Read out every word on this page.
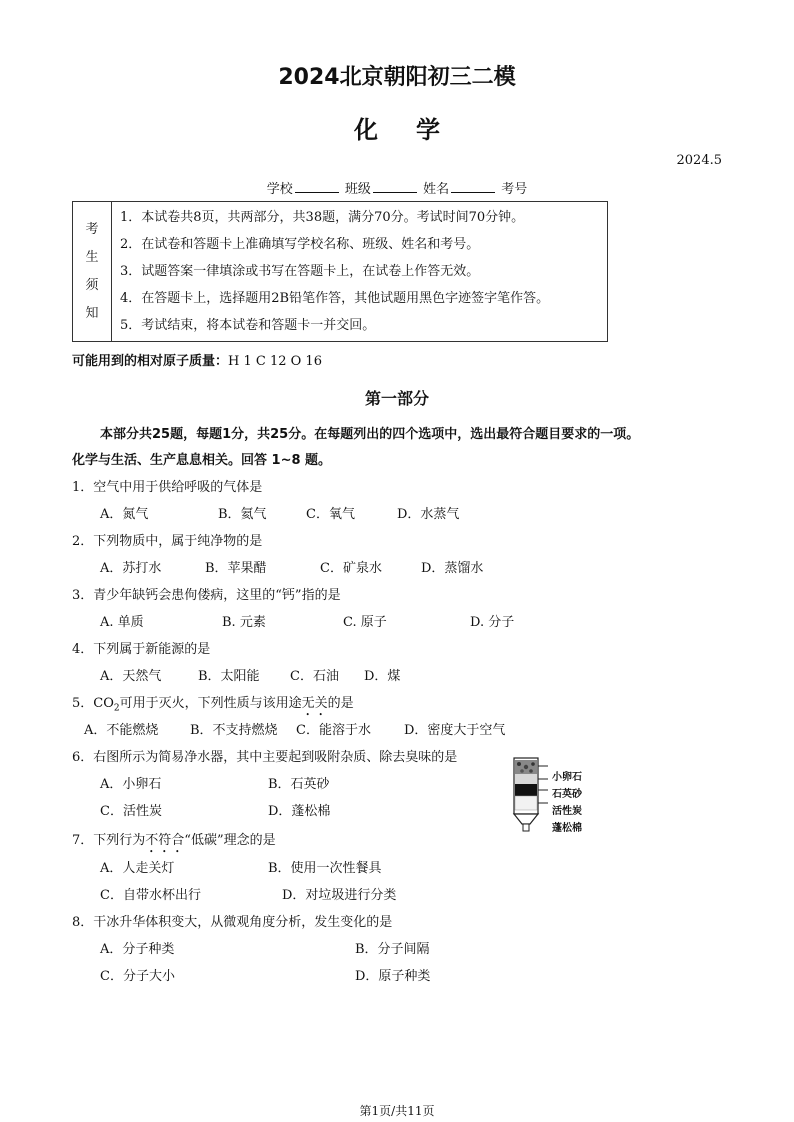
2024北京朝阳初三二模
化学
2024.5
学校	班级	姓名	考号
考
生
须
知

1．本试卷共8页，共两部分，共38题，满分70分。考试时间70分钟。
2．在试卷和答题卡上准确填写学校名称、班级、姓名和考号。
3．试题答案一律填涂或书写在答题卡上，在试卷上作答无效。
4．在答题卡上，选择题用2B铅笔作答，其他试题用黑色字迹签字笔作答。
5．考试结束，将本试卷和答题卡一并交回。
可能用到的相对原子质量：H 1 C 12 O 16
第一部分
本部分共25题，每题1分，共25分。在每题列出的四个选项中，选出最符合题目要求的一项。
化学与生活、生产息息相关。回答 1~8 题。
1．空气中用于供给呼吸的气体是
A．氮气	B．氦气	C．氧气	D．水蒸气
2．下列物质中，属于纯净物的是
A．苏打水	B．苹果醋	C．矿泉水	D．蒸馏水
3．青少年缺钙会患佝偻病，这里的“钙”指的是
A. 单质	B. 元素	C. 原子	D. 分子
4．下列属于新能源的是
A．天然气	B．太阳能 C．石油 D．煤
5．$CO_2$可用于灭火，下列性质与该用途无关的是
A．不能燃烧 B．不支持燃烧 C．能溶于水	D．密度大于空气
6．右图所示为简易净水器，其中主要起到吸附杂质、除去臭味的是
A．小卵石	B．石英砂
C．活性炭	D．蓬松棉
小卵石
石英砂
活性炭
蓬松棉
7．下列行为不符合“低碳”理念的是
A．人走关灯	B．使用一次性餐具
C．自带水杯出行	D．对垃圾进行分类
8．干冰升华体积变大，从微观角度分析，发生变化的是
A．分子种类	B．分子间隔
C．分子大小	D．原子种类
第1页/共11页
